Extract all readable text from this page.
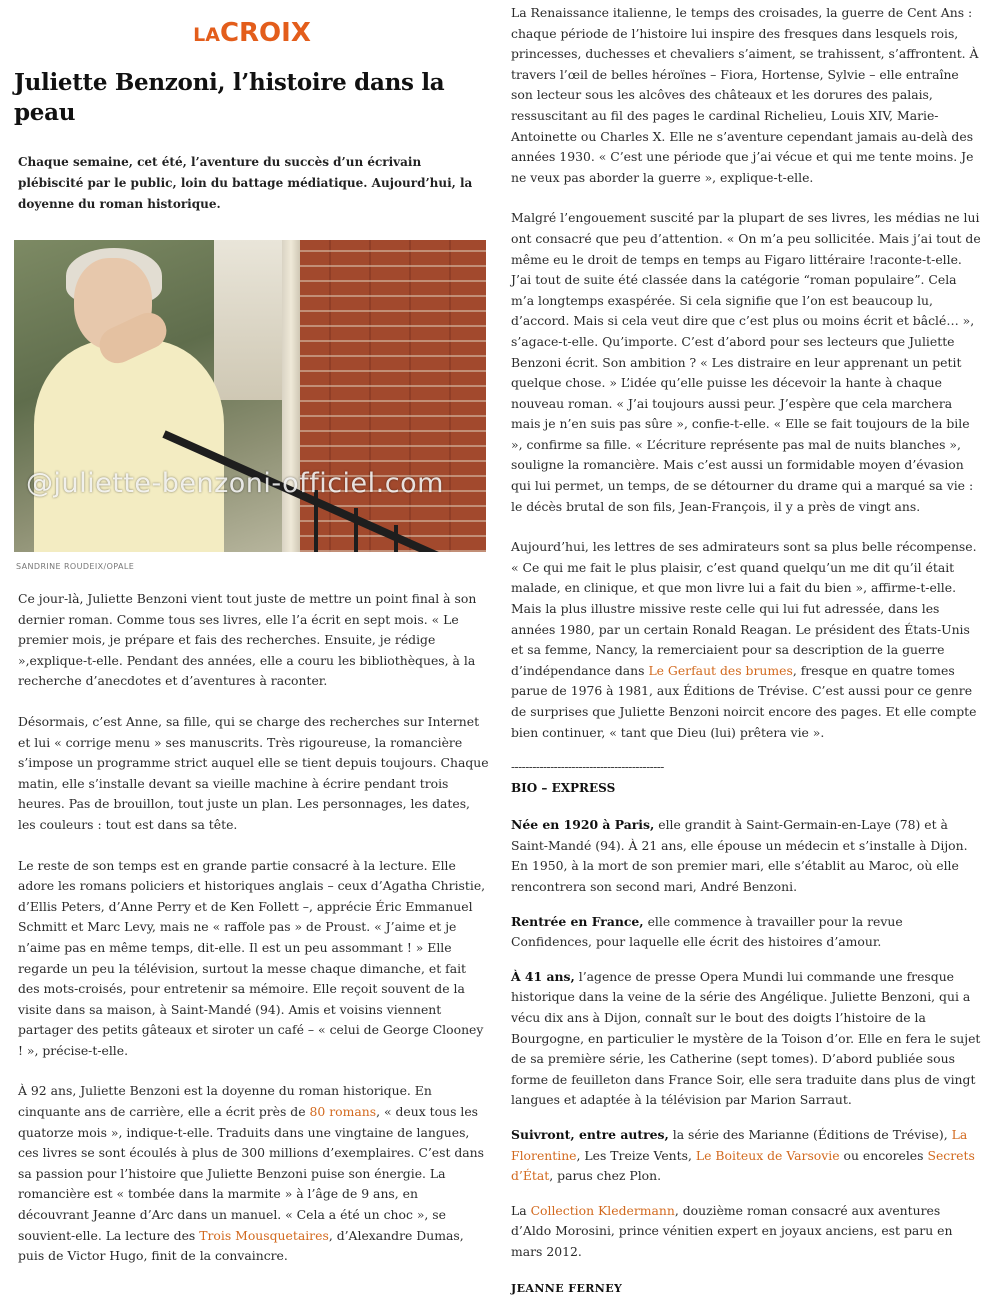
LACROIX
Juliette Benzoni, l’histoire dans la peau
Chaque semaine, cet été, l’aventure du succès d’un écrivain plébiscité par le public, loin du battage médiatique. Aujourd’hui, la doyenne du roman historique.
@juliette-benzoni-officiel.com
SANDRINE ROUDEIX/OPALE

Ce jour-là, Juliette Benzoni vient tout juste de mettre un point final à son dernier roman. Comme tous ses livres, elle l’a écrit en sept mois. « Le premier mois, je prépare et fais des recherches. Ensuite, je rédige »,explique-t-elle. Pendant des années, elle a couru les bibliothèques, à la recherche d’anecdotes et d’aventures à raconter.

Désormais, c’est Anne, sa fille, qui se charge des recherches sur Internet et lui « corrige menu » ses manuscrits. Très rigoureuse, la romancière s’impose un programme strict auquel elle se tient depuis toujours. Chaque matin, elle s’installe devant sa vieille machine à écrire pendant trois heures. Pas de brouillon, tout juste un plan. Les personnages, les dates, les couleurs : tout est dans sa tête.

Le reste de son temps est en grande partie consacré à la lecture. Elle adore les romans policiers et historiques anglais – ceux d’Agatha Christie, d’Ellis Peters, d’Anne Perry et de Ken Follett –, apprécie Éric Emmanuel Schmitt et Marc Levy, mais ne « raffole pas » de Proust. « J’aime et je n’aime pas en même temps, dit-elle. Il est un peu assommant ! » Elle regarde un peu la télévision, surtout la messe chaque dimanche, et fait des mots-croisés, pour entretenir sa mémoire. Elle reçoit souvent de la visite dans sa maison, à Saint-Mandé (94). Amis et voisins viennent partager des petits gâteaux et siroter un café – « celui de George Clooney ! », précise-t-elle.

À 92 ans, Juliette Benzoni est la doyenne du roman historique. En cinquante ans de carrière, elle a écrit près de 80 romans, « deux tous les quatorze mois », indique-t-elle. Traduits dans une vingtaine de langues, ces livres se sont écoulés à plus de 300 millions d’exemplaires. C’est dans sa passion pour l’histoire que Juliette Benzoni puise son énergie. La romancière est « tombée dans la marmite » à l’âge de 9 ans, en découvrant Jeanne d’Arc dans un manuel. « Cela a été un choc », se souvient-elle. La lecture des Trois Mousquetaires, d’Alexandre Dumas, puis de Victor Hugo, finit de la convaincre.

La Renaissance italienne, le temps des croisades, la guerre de Cent Ans : chaque période de l’histoire lui inspire des fresques dans lesquels rois, princesses, duchesses et chevaliers s’aiment, se trahissent, s’affrontent. À travers l’œil de belles héroïnes – Fiora, Hortense, Sylvie – elle entraîne son lecteur sous les alcôves des châteaux et les dorures des palais, ressuscitant au fil des pages le cardinal Richelieu, Louis XIV, Marie-Antoinette ou Charles X. Elle ne s’aventure cependant jamais au-delà des années 1930. « C’est une période que j’ai vécue et qui me tente moins. Je ne veux pas aborder la guerre », explique-t-elle.

Malgré l’engouement suscité par la plupart de ses livres, les médias ne lui ont consacré que peu d’attention. « On m’a peu sollicitée. Mais j’ai tout de même eu le droit de temps en temps au Figaro littéraire !raconte-t-elle. J’ai tout de suite été classée dans la catégorie “roman populaire”. Cela m’a longtemps exaspérée. Si cela signifie que l’on est beaucoup lu, d’accord. Mais si cela veut dire que c’est plus ou moins écrit et bâclé… », s’agace-t-elle. Qu’importe. C’est d’abord pour ses lecteurs que Juliette Benzoni écrit. Son ambition ? « Les distraire en leur apprenant un petit quelque chose. » L’idée qu’elle puisse les décevoir la hante à chaque nouveau roman. « J’ai toujours aussi peur. J’espère que cela marchera mais je n’en suis pas sûre », confie-t-elle. « Elle se fait toujours de la bile », confirme sa fille. « L’écriture représente pas mal de nuits blanches », souligne la romancière. Mais c’est aussi un formidable moyen d’évasion qui lui permet, un temps, de se détourner du drame qui a marqué sa vie : le décès brutal de son fils, Jean-François, il y a près de vingt ans.

Aujourd’hui, les lettres de ses admirateurs sont sa plus belle récompense. « Ce qui me fait le plus plaisir, c’est quand quelqu’un me dit qu’il était malade, en clinique, et que mon livre lui a fait du bien », affirme-t-elle. Mais la plus illustre missive reste celle qui lui fut adressée, dans les années 1980, par un certain Ronald Reagan. Le président des États-Unis et sa femme, Nancy, la remerciaient pour sa description de la guerre d’indépendance dans Le Gerfaut des brumes, fresque en quatre tomes parue de 1976 à 1981, aux Éditions de Trévise. C’est aussi pour ce genre de surprises que Juliette Benzoni noircit encore des pages. Et elle compte bien continuer, « tant que Dieu (lui) prêtera vie ».

-------------------------------------------
BIO – EXPRESS

Née en 1920 à Paris, elle grandit à Saint-Germain-en-Laye (78) et à Saint-Mandé (94). À 21 ans, elle épouse un médecin et s’installe à Dijon. En 1950, à la mort de son premier mari, elle s’établit au Maroc, où elle rencontrera son second mari, André Benzoni.

Rentrée en France, elle commence à travailler pour la revue Confidences, pour laquelle elle écrit des histoires d’amour.

À 41 ans, l’agence de presse Opera Mundi lui commande une fresque historique dans la veine de la série des Angélique. Juliette Benzoni, qui a vécu dix ans à Dijon, connaît sur le bout des doigts l’histoire de la Bourgogne, en particulier le mystère de la Toison d’or. Elle en fera le sujet de sa première série, les Catherine (sept tomes). D’abord publiée sous forme de feuilleton dans France Soir, elle sera traduite dans plus de vingt langues et adaptée à la télévision par Marion Sarraut.

Suivront, entre autres, la série des Marianne (Éditions de Trévise), La Florentine, Les Treize Vents, Le Boiteux de Varsovie ou encoreles Secrets d’État, parus chez Plon.

La Collection Kledermann, douzième roman consacré aux aventures d’Aldo Morosini, prince vénitien expert en joyaux anciens, est paru en mars 2012.

JEANNE FERNEY
